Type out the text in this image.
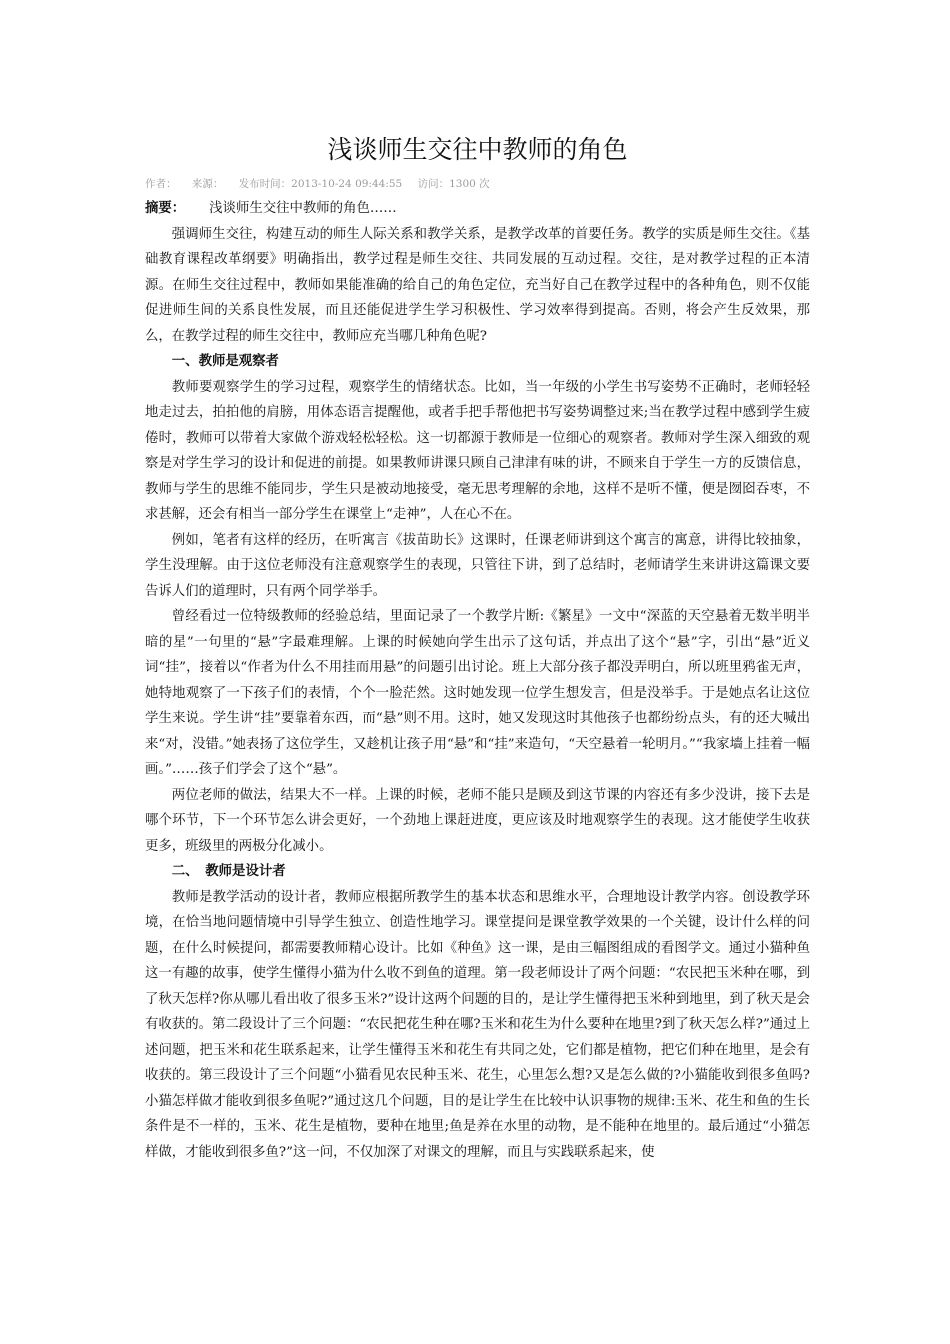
浅谈师生交往中教师的角色
作者： 来源： 发布时间：2013-10-24 09:44:55 访问：1300 次
摘要： 浅谈师生交往中教师的角色……

强调师生交往，构建互动的师生人际关系和教学关系，是教学改革的首要任务。教学的实质是师生交往。《基础教育课程改革纲要》明确指出，教学过程是师生交往、共同发展的互动过程。交往，是对教学过程的正本清源。在师生交往过程中，教师如果能准确的给自己的角色定位，充当好自己在教学过程中的各种角色，则不仅能促进师生间的关系良性发展，而且还能促进学生学习积极性、学习效率得到提高。否则，将会产生反效果，那么，在教学过程的师生交往中，教师应充当哪几种角色呢?

一、教师是观察者

教师要观察学生的学习过程，观察学生的情绪状态。比如，当一年级的小学生书写姿势不正确时，老师轻轻地走过去，拍拍他的肩膀，用体态语言提醒他，或者手把手帮他把书写姿势调整过来;当在教学过程中感到学生疲倦时，教师可以带着大家做个游戏轻松轻松。这一切都源于教师是一位细心的观察者。教师对学生深入细致的观察是对学生学习的设计和促进的前提。如果教师讲课只顾自己津津有味的讲，不顾来自于学生一方的反馈信息，教师与学生的思维不能同步，学生只是被动地接受，毫无思考理解的余地，这样不是听不懂，便是囫囵吞枣，不求甚解，还会有相当一部分学生在课堂上“走神”，人在心不在。

例如，笔者有这样的经历，在听寓言《拔苗助长》这课时，任课老师讲到这个寓言的寓意，讲得比较抽象，学生没理解。由于这位老师没有注意观察学生的表现，只管往下讲，到了总结时，老师请学生来讲讲这篇课文要告诉人们的道理时，只有两个同学举手。

曾经看过一位特级教师的经验总结，里面记录了一个教学片断:《繁星》一文中“深蓝的天空悬着无数半明半暗的星”一句里的“悬”字最难理解。上课的时候她向学生出示了这句话，并点出了这个“悬”字，引出“悬”近义词“挂”，接着以“作者为什么不用挂而用悬”的问题引出讨论。班上大部分孩子都没弄明白，所以班里鸦雀无声，她特地观察了一下孩子们的表情，个个一脸茫然。这时她发现一位学生想发言，但是没举手。于是她点名让这位学生来说。学生讲“挂”要靠着东西，而“悬”则不用。这时，她又发现这时其他孩子也都纷纷点头，有的还大喊出来“对，没错。”她表扬了这位学生，又趁机让孩子用“悬”和“挂”来造句，“天空悬着一轮明月。”“我家墙上挂着一幅画。”……孩子们学会了这个“悬”。

两位老师的做法，结果大不一样。上课的时候，老师不能只是顾及到这节课的内容还有多少没讲，接下去是哪个环节，下一个环节怎么讲会更好，一个劲地上课赶进度，更应该及时地观察学生的表现。这才能使学生收获更多，班级里的两极分化减小。

二、　教师是设计者

教师是教学活动的设计者，教师应根据所教学生的基本状态和思维水平，合理地设计教学内容。创设教学环境，在恰当地问题情境中引导学生独立、创造性地学习。课堂提问是课堂教学效果的一个关键，设计什么样的问题，在什么时候提问，都需要教师精心设计。比如《种鱼》这一课，是由三幅图组成的看图学文。通过小猫种鱼这一有趣的故事，使学生懂得小猫为什么收不到鱼的道理。第一段老师设计了两个问题：“农民把玉米种在哪，到了秋天怎样?你从哪儿看出收了很多玉米?”设计这两个问题的目的，是让学生懂得把玉米种到地里，到了秋天是会有收获的。第二段设计了三个问题：“农民把花生种在哪?玉米和花生为什么要种在地里?到了秋天怎么样?”通过上述问题，把玉米和花生联系起来，让学生懂得玉米和花生有共同之处，它们都是植物，把它们种在地里，是会有收获的。第三段设计了三个问题“小猫看见农民种玉米、花生，心里怎么想?又是怎么做的?小猫能收到很多鱼吗?小猫怎样做才能收到很多鱼呢?”通过这几个问题，目的是让学生在比较中认识事物的规律:玉米、花生和鱼的生长条件是不一样的，玉米、花生是植物，要种在地里;鱼是养在水里的动物，是不能种在地里的。最后通过“小猫怎样做，才能收到很多鱼?”这一问，不仅加深了对课文的理解，而且与实践联系起来，使
